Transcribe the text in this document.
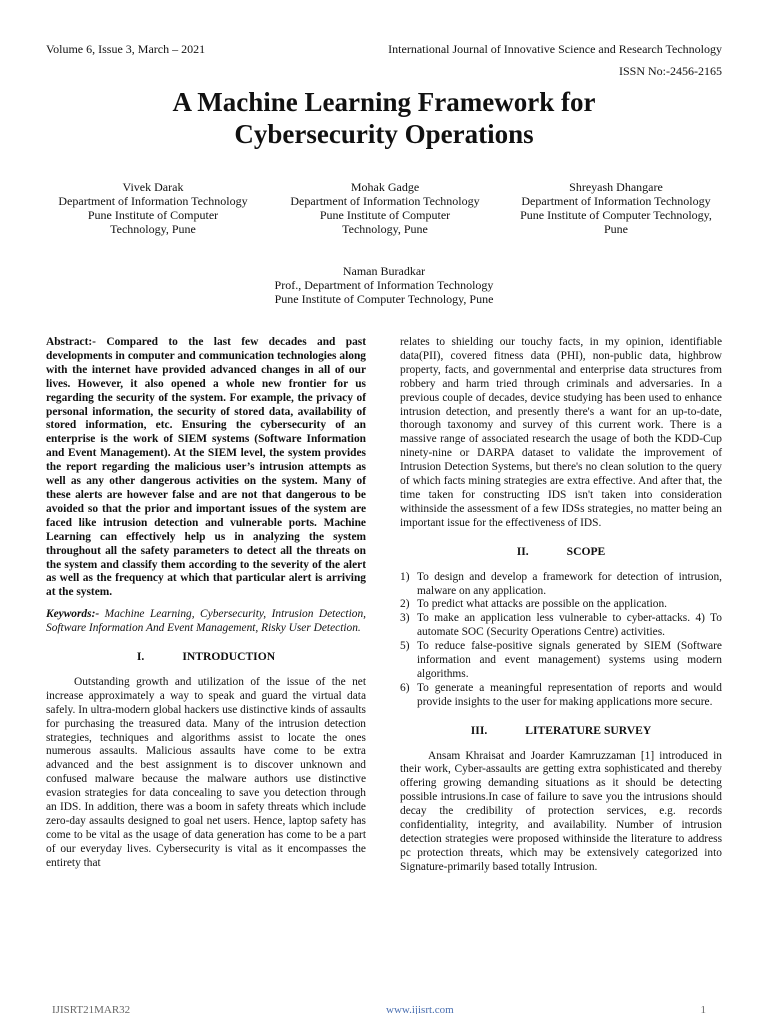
Volume 6, Issue 3, March – 2021	International Journal of Innovative Science and Research Technology
ISSN No:-2456-2165
A Machine Learning Framework for
Cybersecurity Operations
Vivek Darak
Department of Information Technology
Pune Institute of Computer Technology, Pune
Mohak Gadge
Department of Information Technology
Pune Institute of Computer Technology, Pune
Shreyash Dhangare
Department of Information Technology
Pune Institute of Computer Technology, Pune
Naman Buradkar
Prof., Department of Information Technology
Pune Institute of Computer Technology, Pune
Abstract:- Compared to the last few decades and past developments in computer and communication technologies along with the internet have provided advanced changes in all of our lives. However, it also opened a whole new frontier for us regarding the security of the system. For example, the privacy of personal information, the security of stored data, availability of stored information, etc. Ensuring the cybersecurity of an enterprise is the work of SIEM systems (Software Information and Event Management). At the SIEM level, the system provides the report regarding the malicious user’s intrusion attempts as well as any other dangerous activities on the system. Many of these alerts are however false and are not that dangerous to be avoided so that the prior and important issues of the system are faced like intrusion detection and vulnerable ports. Machine Learning can effectively help us in analyzing the system throughout all the safety parameters to detect all the threats on the system and classify them according to the severity of the alert as well as the frequency at which that particular alert is arriving at the system.
Keywords:- Machine Learning, Cybersecurity, Intrusion Detection, Software Information And Event Management, Risky User Detection.
I.	INTRODUCTION
Outstanding growth and utilization of the issue of the net increase approximately a way to speak and guard the virtual data safely. In ultra-modern global hackers use distinctive kinds of assaults for purchasing the treasured data. Many of the intrusion detection strategies, techniques and algorithms assist to locate the ones numerous assaults. Malicious assaults have come to be extra advanced and the best assignment is to discover unknown and confused malware because the malware authors use distinctive evasion strategies for data concealing to save you detection through an IDS. In addition, there was a boom in safety threats which include zero-day assaults designed to goal net users. Hence, laptop safety has come to be vital as the usage of data generation has come to be a part of our everyday lives. Cybersecurity is vital as it encompasses the entirety that
relates to shielding our touchy facts, in my opinion, identifiable data(PII), covered fitness data (PHI), non-public data, highbrow property, facts, and governmental and enterprise data structures from robbery and harm tried through criminals and adversaries. In a previous couple of decades, device studying has been used to enhance intrusion detection, and presently there's a want for an up-to-date, thorough taxonomy and survey of this current work. There is a massive range of associated research the usage of both the KDD-Cup ninety-nine or DARPA dataset to validate the improvement of Intrusion Detection Systems, but there's no clean solution to the query of which facts mining strategies are extra effective. And after that, the time taken for constructing IDS isn't taken into consideration withinside the assessment of a few IDSs strategies, no matter being an important issue for the effectiveness of IDS.
II.	SCOPE
1) To design and develop a framework for detection of intrusion, malware on any application.
2) To predict what attacks are possible on the application.
3) To make an application less vulnerable to cyber-attacks. 4) To automate SOC (Security Operations Centre) activities.
5) To reduce false-positive signals generated by SIEM (Software information and event management) systems using modern algorithms.
6) To generate a meaningful representation of reports and would provide insights to the user for making applications more secure.
III.	LITERATURE SURVEY
Ansam Khraisat and Joarder Kamruzzaman [1] introduced in their work, Cyber-assaults are getting extra sophisticated and thereby offering growing demanding situations as it should be detecting possible intrusions.In case of failure to save you the intrusions should decay the credibility of protection services, e.g. records confidentiality, integrity, and availability. Number of intrusion detection strategies were proposed withinside the literature to address pc protection threats, which may be extensively categorized into Signature-primarily based totally Intrusion.
IJISRT21MAR32	www.ijisrt.com	1
